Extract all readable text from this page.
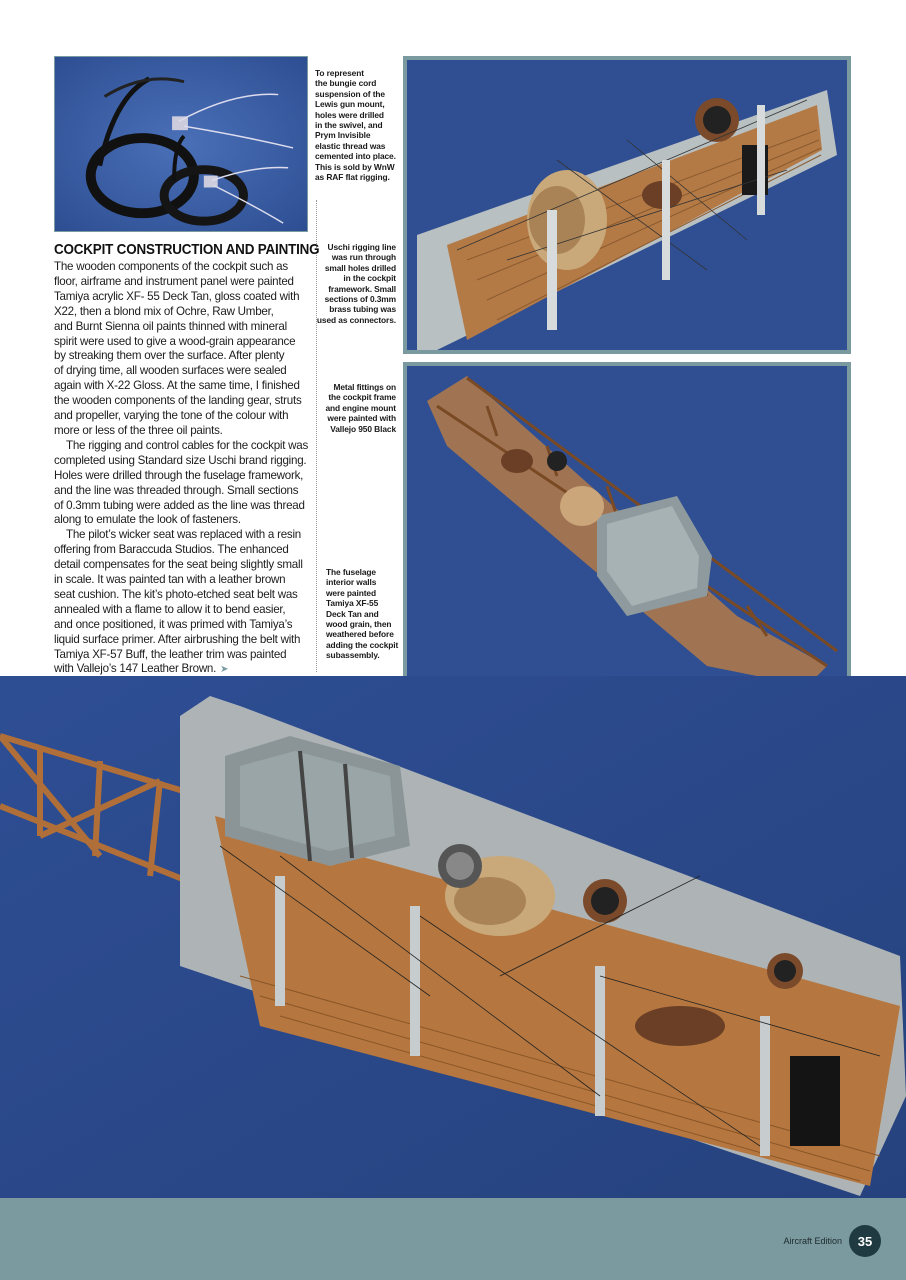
To represent
the bungie cord
suspension of the
Lewis gun mount,
holes were drilled
in the swivel, and
Prym Invisible
elastic thread was
cemented into place.
This is sold by WnW
as RAF flat rigging.
Uschi rigging line
was run through
small holes drilled
in the cockpit
framework. Small
sections of 0.3mm
brass tubing was
used as connectors.
Metal fittings on
the cockpit frame
and engine mount
were painted with
Vallejo 950 Black
The fuselage
interior walls
were painted
Tamiya XF-55
Deck Tan and
wood grain, then
weathered before
adding the cockpit
subassembly.
COCKPIT CONSTRUCTION AND PAINTING

The wooden components of the cockpit such as
floor, airframe and instrument panel were painted
Tamiya acrylic XF- 55 Deck Tan, gloss coated with
X22, then a blond mix of Ochre, Raw Umber,
and Burnt Sienna oil paints thinned with mineral
spirit were used to give a wood-grain appearance
by streaking them over the surface. After plenty
of drying time, all wooden surfaces were sealed
again with X-22 Gloss. At the same time, I finished
the wooden components of the landing gear, struts
and propeller, varying the tone of the colour with
more or less of the three oil paints.

The rigging and control cables for the cockpit was
completed using Standard size Uschi brand rigging.
Holes were drilled through the fuselage framework,
and the line was threaded through. Small sections
of 0.3mm tubing were added as the line was thread
along to emulate the look of fasteners.

The pilot’s wicker seat was replaced with a resin
offering from Baraccuda Studios. The enhanced
detail compensates for the seat being slightly small
in scale. It was painted tan with a leather brown
seat cushion. The kit’s photo-etched seat belt was
annealed with a flame to allow it to bend easier,
and once positioned, it was primed with Tamiya’s
liquid surface primer. After airbrushing the belt with
Tamiya XF-57 Buff, the leather trim was painted
with Vallejo’s 147 Leather Brown. ➤

Aircraft Edition	35
